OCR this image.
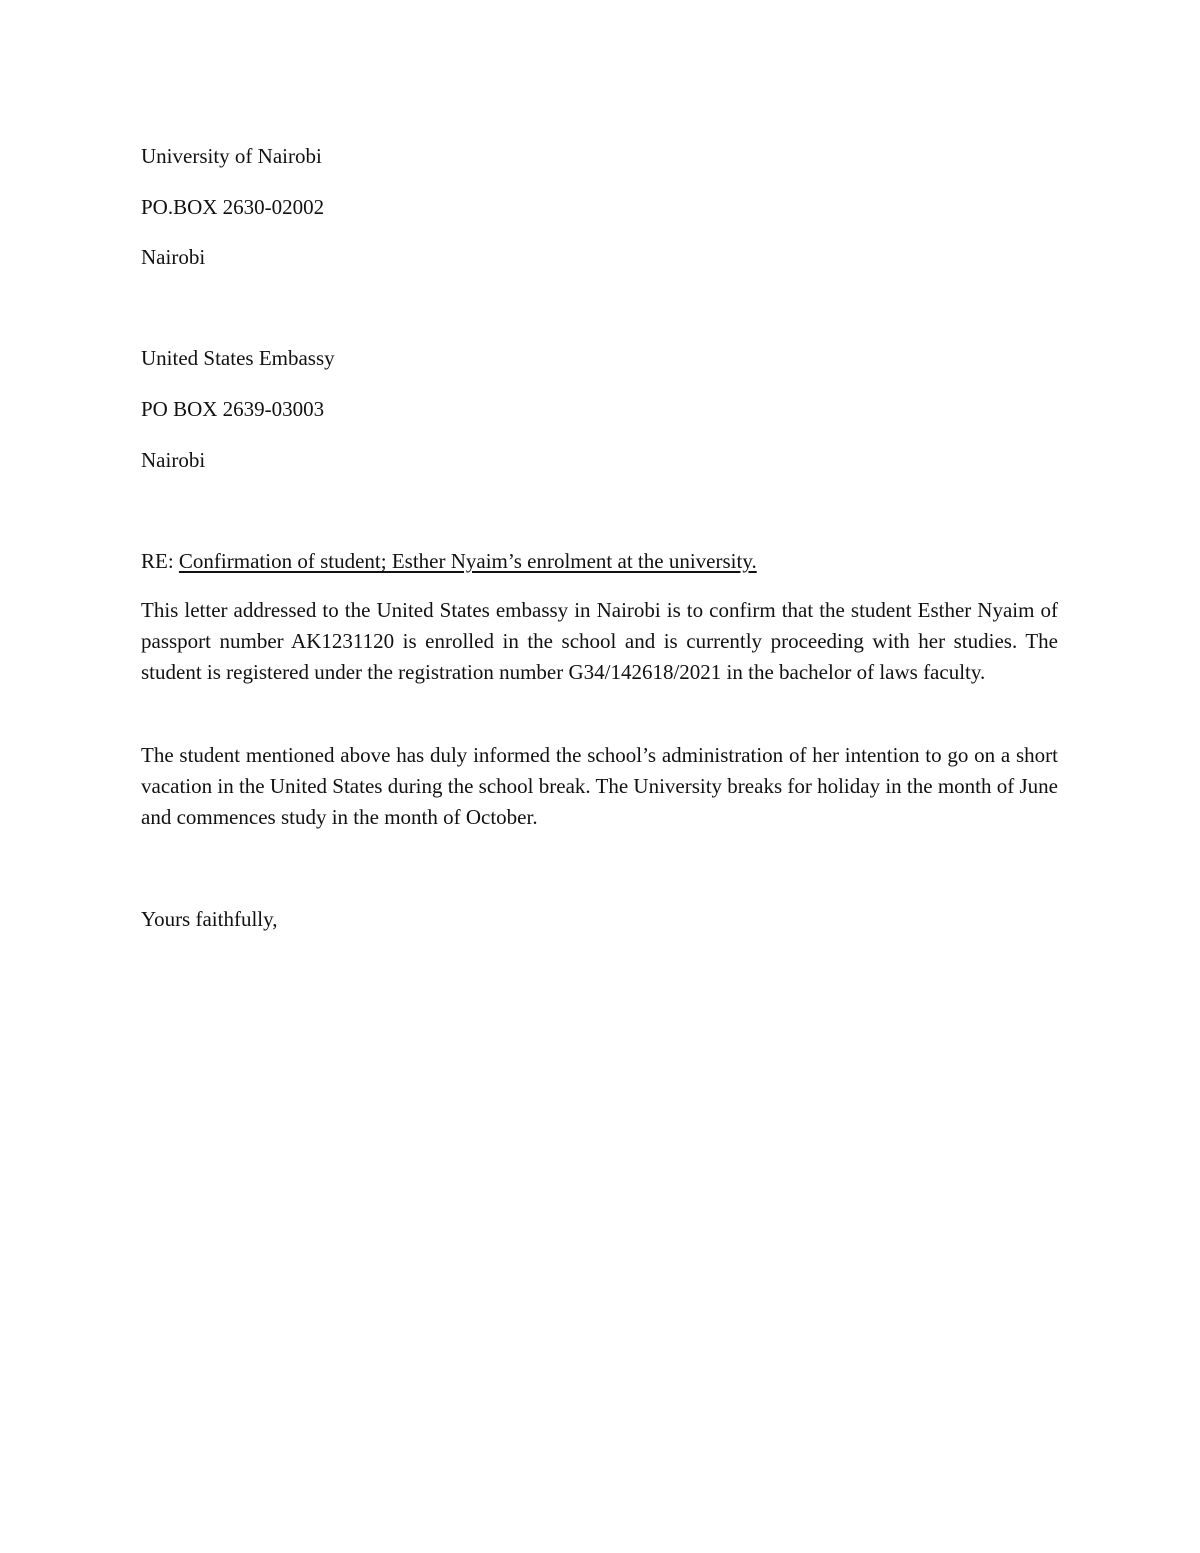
University of Nairobi
PO.BOX 2630-02002
Nairobi
United States Embassy
PO BOX 2639-03003
Nairobi
RE: Confirmation of student; Esther Nyaim’s enrolment at the university.
This letter addressed to the United States embassy in Nairobi is to confirm that the student Esther Nyaim of passport number AK1231120 is enrolled in the school and is currently proceeding with her studies. The student is registered under the registration number G34/142618/2021 in the bachelor of laws faculty.
The student mentioned above has duly informed the school’s administration of her intention to go on a short vacation in the United States during the school break. The University breaks for holiday in the month of June and commences study in the month of October.
Yours faithfully,
